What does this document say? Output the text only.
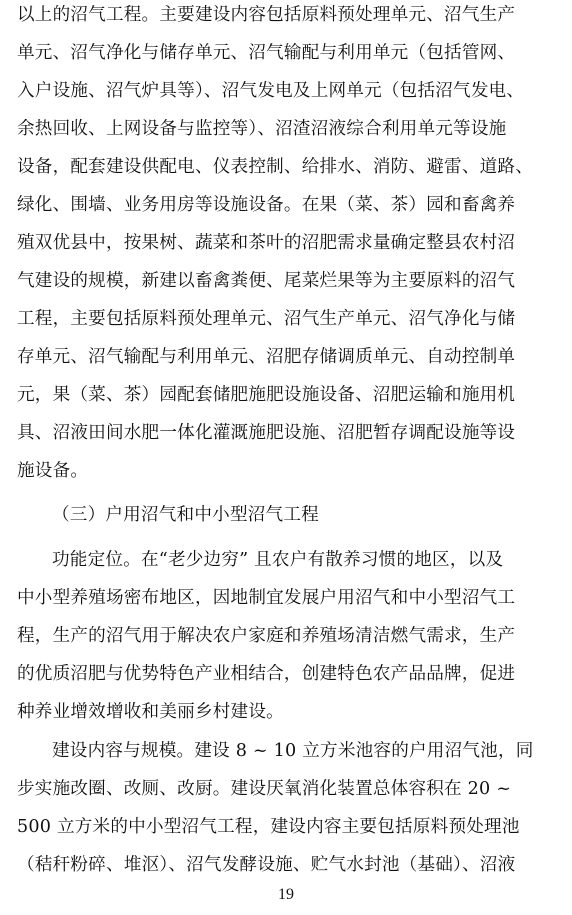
以上的沼气工程。主要建设内容包括原料预处理单元、沼气生产
单元、沼气净化与储存单元、沼气输配与利用单元（包括管网、
入户设施、沼气炉具等）、沼气发电及上网单元（包括沼气发电、
余热回收、上网设备与监控等）、沼渣沼液综合利用单元等设施
设备，配套建设供配电、仪表控制、给排水、消防、避雷、道路、
绿化、围墙、业务用房等设施设备。在果（菜、茶）园和畜禽养
殖双优县中，按果树、蔬菜和茶叶的沼肥需求量确定整县农村沼
气建设的规模，新建以畜禽粪便、尾菜烂果等为主要原料的沼气
工程，主要包括原料预处理单元、沼气生产单元、沼气净化与储
存单元、沼气输配与利用单元、沼肥存储调质单元、自动控制单
元，果（菜、茶）园配套储肥施肥设施设备、沼肥运输和施用机
具、沼液田间水肥一体化灌溉施肥设施、沼肥暂存调配设施等设
施设备。
（三）户用沼气和中小型沼气工程
功能定位。在“老少边穷” 且农户有散养习惯的地区，以及
中小型养殖场密布地区，因地制宜发展户用沼气和中小型沼气工
程，生产的沼气用于解决农户家庭和养殖场清洁燃气需求，生产
的优质沼肥与优势特色产业相结合，创建特色农产品品牌，促进
种养业增效增收和美丽乡村建设。
建设内容与规模。建设 8 ~ 10 立方米池容的户用沼气池，同
步实施改圈、改厕、改厨。建设厌氧消化装置总体容积在 20 ~
500 立方米的中小型沼气工程，建设内容主要包括原料预处理池
（秸秆粉碎、堆沤）、沼气发酵设施、贮气水封池（基础）、沼液
19
